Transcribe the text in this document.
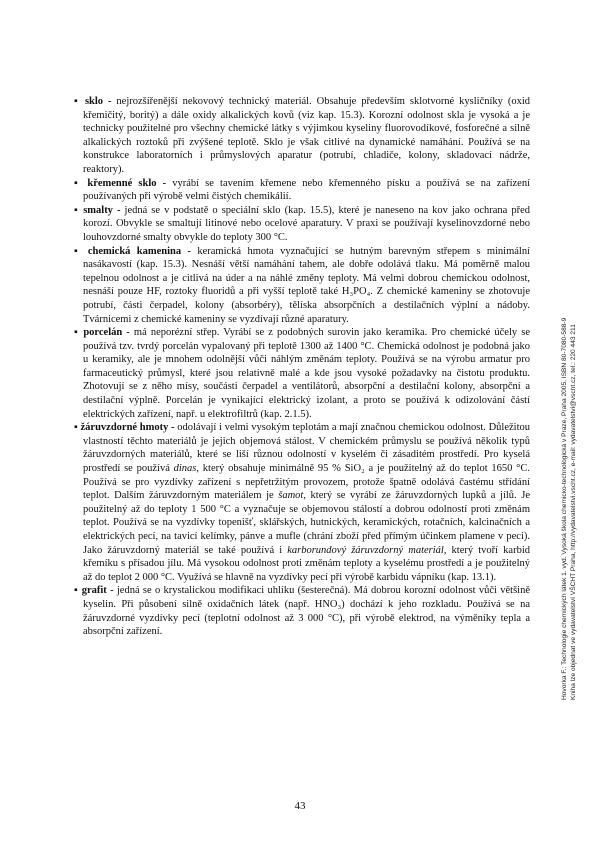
Hovorka F.: Technologie chemických látek 1. vyd. Vysoká škola chemicko-technologická v Praze, Praha 2005, ISBN 80-7080-588-9 Kniha lze objednat ve vydavatelství VŠCHT Praha, http://vydavatelstvi.vscht.cz, e-mail: vydavatelstvi@vscht.cz, tel.: 220 443 211

▪ sklo - nejrozšířenější nekovový technický materiál. Obsahuje především sklotvorné kysličníky (oxid křemičitý, boritý) a dále oxidy alkalických kovů (viz kap. 15.3). Korozní odolnost skla je vysoká a je technicky použitelné pro všechny chemické látky s výjimkou kyseliny fluorovodíkové, fosforečné a silně alkalických roztoků při zvýšené teplotě. Sklo je však citlivé na dynamické namáhání. Používá se na konstrukce laboratorních i průmyslových aparatur (potrubí, chladiče, kolony, skladovací nádrže, reaktory).

▪ křemenné sklo - vyrábí se tavením křemene nebo křemenného písku a používá se na zařízení používaných při výrobě velmi čistých chemikálií.

▪ smalty - jedná se v podstatě o speciální sklo (kap. 15.5), které je naneseno na kov jako ochrana před korozí. Obvykle se smaltují litinové nebo ocelové aparatury. V praxi se používají kyselinovzdorné nebo louhovzdorné smalty obvykle do teploty 300 °C.

▪ chemická kamenina - keramická hmota vyznačující se hutným barevným střepem s minimální nasákavostí (kap. 15.3). Nesnáší větší namáhání tahem, ale dobře odolává tlaku. Má poměrně malou tepelnou odolnost a je citlivá na úder a na náhlé změny teploty. Má velmi dobrou chemickou odolnost, nesnáší pouze HF, roztoky fluoridů a při vyšší teplotě také H₃PO₄. Z chemické kameniny se zhotovuje potrubí, části čerpadel, kolony (absorbéry), tělíska absorpčních a destilačních výplní a nádoby. Tvárnicemi z chemické kameniny se vyzdívají různé aparatury.

▪ porcelán - má neporézní střep. Vyrábí se z podobných surovin jako keramika. Pro chemické účely se používá tzv. tvrdý porcelán vypalovaný při teplotě 1300 až 1400 °C. Chemická odolnost je podobná jako u keramiky, ale je mnohem odolnější vůči náhlým změnám teploty. Používá se na výrobu armatur pro farmaceutický průmysl, které jsou relativně malé a kde jsou vysoké požadavky na čistotu produktu. Zhotovují se z něho mísy, součásti čerpadel a ventilátorů, absorpční a destilační kolony, absorpční a destilační výplně. Porcelán je vynikající elektrický izolant, a proto se používá k odizolování částí elektrických zařízení, např. u elektrofiltrů (kap. 2.1.5).

▪ žáruvzdorné hmoty - odolávají i velmi vysokým teplotám a mají značnou chemickou odolnost. Důležitou vlastností těchto materiálů je jejich objemová stálost. V chemickém průmyslu se používá několik typů žáruvzdorných materiálů, které se liší různou odolností v kyselém či zásaditém prostředí. Pro kyselá prostředí se používá dinas, který obsahuje minimálně 95 % SiO₂ a je použitelný až do teplot 1650 °C. Používá se pro vyzdívky zařízení s nepřetržitým provozem, protože špatně odolává častému střídání teplot. Dalším žáruvzdorným materiálem je šamot, který se vyrábí ze žáruvzdorných lupků a jílů. Je použitelný až do teploty 1 500 °C a vyznačuje se objemovou stálostí a dobrou odolností proti změnám teplot. Používá se na vyzdívky topenišť, sklářských, hutnických, keramických, rotačních, kalcinačních a elektrických pecí, na tavicí kelímky, pánve a mufle (chrání zboží před přímým účinkem plamene v peci). Jako žáruvzdorný materiál se také používá i karborundový žáruvzdorný materiál, který tvoří karbid křemíku s přísadou jílu. Má vysokou odolnost proti změnám teploty a kyselému prostředí a je použitelný až do teplot 2 000 °C. Využívá se hlavně na vyzdívky pecí při výrobě karbidu vápníku (kap. 13.1).

▪ grafit - jedná se o krystalickou modifikaci uhlíku (šesterečná). Má dobrou korozní odolnost vůči většině kyselin. Při působení silně oxidačních látek (např. HNO₃) dochází k jeho rozkladu. Používá se na žáruvzdorné vyzdívky pecí (teplotní odolnost až 3 000 °C), při výrobě elektrod, na výměníky tepla a absorpční zařízení.

43
